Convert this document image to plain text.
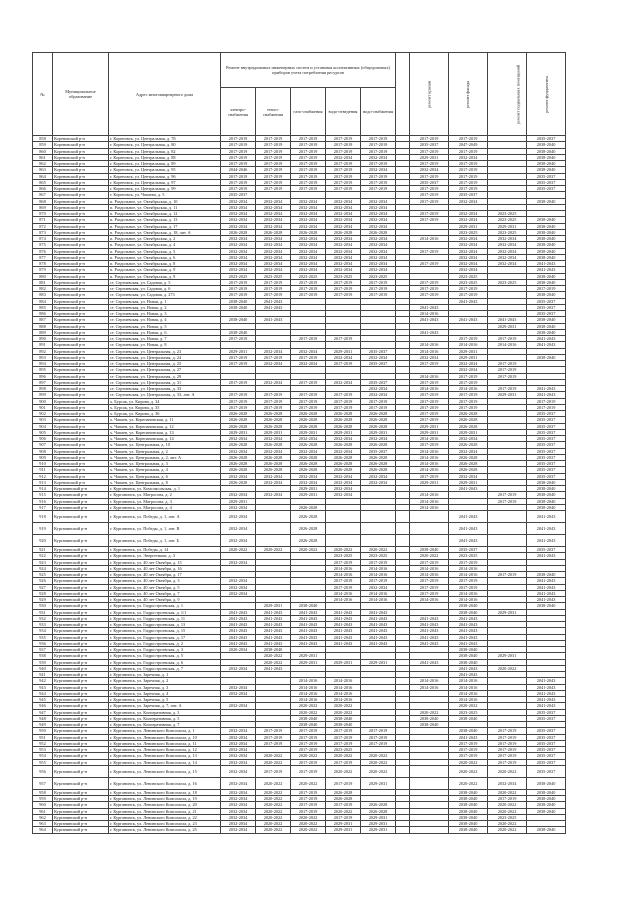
№	Муниципальное образование	Адрес многоквартирного дома	Ремонт внутридомовых инженерных систем и установка коллективных (общедомовых) приборов учета потребления ресурсов						ремонт крыши	ремонт фасада	ремонт подвальных помещений	ремонт фундамента
			электро-снабжения	тепло-снабжения	газо-снабжения	водо-отведения	водо-снабжения					
858	Кореновский р-н	г. Кореновск, ул. Центральная, д. 78	2017-2019	2017-2019	2017-2019	2017-2019	2017-2019		2017-2019	2017-2019		2035-2037
859	Кореновский р-н	г. Кореновск, ул. Центральная, д. 80	2017-2019	2017-2019	2017-2019	2017-2019	2017-2019		2035-2037	2047-2049		2038-2040
860	Кореновский р-н	г. Кореновск, ул. Центральная, д. 82	2017-2019	2017-2019	2017-2019	2017-2019	2017-2019		2017-2019	2017-2019		2038-2040
861	Кореновский р-н	г. Кореновск, ул. Центральная, д. 88	2017-2019	2017-2019	2017-2019	2032-2034	2032-2034		2029-2031	2032-2034		2038-2040
862	Кореновский р-н	г. Кореновск, ул. Центральная, д. 89	2017-2019	2017-2019	2017-2019	2017-2019	2017-2019		2017-2019	2017-2019		2038-2040
863	Кореновский р-н	г. Кореновск, ул. Центральная, д. 95	2044-2046	2017-2019	2017-2019	2017-2019	2032-2034		2032-2034	2017-2019		2038-2040
864	Кореновский р-н	г. Кореновск, ул. Центральная, д. 96	2017-2019	2017-2019	2017-2019	2017-2019	2017-2019		2017-2019	2017-2019		2035-2037
865	Кореновский р-н	г. Кореновск, ул. Центральная, д. 97	2017-2019	2017-2019	2017-2019	2017-2019	2017-2019		2035-2037	2017-2019		2035-2037
866	Кореновский р-н	г. Кореновск, ул. Центральная, д. 99	2017-2019	2017-2019	2017-2019	2017-2019	2017-2019		2017-2019	2017-2019		2035-2037
867	Кореновский р-н	г. Кореновск, ул. Чапаева, д. 5	2035-2037						2017-2019	2035-2037		
868	Кореновский р-н	п. Раздольное, ул. Октябрьская, д. 10	2032-2034	2032-2034	2032-2034	2032-2034	2032-2034		2017-2019	2032-2034		2038-2040
869	Кореновский р-н	п. Раздольное, ул. Октябрьская, д. 11	2032-2034	2032-2034	2032-2034	2032-2034	2032-2034					
870	Кореновский р-н	п. Раздольное, ул. Октябрьская, д. 12	2032-2034	2032-2034	2032-2034	2032-2034	2032-2034		2017-2019	2032-2034	2023-2025	
871	Кореновский р-н	п. Раздольное, ул. Октябрьская, д. 13	2032-2034	2032-2034	2032-2034	2032-2034	2032-2034		2017-2019	2032-2034	2023-2025	2038-2040
872	Кореновский р-н	п. Раздольное, ул. Октябрьская, д. 17	2032-2034	2032-2034	2032-2034	2032-2034	2032-2034			2029-2031	2029-2031	2038-2040
873	Кореновский р-н	п. Раздольное, ул. Октябрьская, д. 18, лит. А	2026-2028	2026-2028	2026-2028	2026-2028	2026-2028			2023-2025	2023-2025	2038-2040
874	Кореновский р-н	п. Раздольное, ул. Октябрьская, д. 2	2032-2034	2032-2034	2032-2034	2032-2034	2032-2034		2014-2016	2032-2034	2032-2034	2038-2040
875	Кореновский р-н	п. Раздольное, ул. Октябрьская, д. 4	2032-2034	2032-2034	2032-2034	2032-2034	2032-2034			2032-2034	2032-2034	2038-2040
876	Кореновский р-н	п. Раздольное, ул. Октябрьская, д. 5	2032-2034	2032-2034	2032-2034	2032-2034	2032-2034		2017-2019	2032-2034	2032-2034	2038-2040
877	Кореновский р-н	п. Раздольное, ул. Октябрьская, д. 6	2032-2034	2032-2034	2032-2034	2032-2034	2032-2034			2032-2034	2032-2034	2038-2040
878	Кореновский р-н	п. Раздольное, ул. Октябрьская, д. 8	2032-2034	2032-2034	2032-2034	2032-2034	2032-2034		2017-2019	2032-2034	2032-2034	2041-2043
879	Кореновский р-н	п. Раздольное, ул. Октябрьская, д. 9	2032-2034	2032-2034	2032-2034	2032-2034	2032-2034			2032-2034		2041-2043
880	Кореновский р-н	п. Раздольное, ул. Октябрьская, д. 9	2023-2025	2023-2025	2023-2025	2023-2025	2023-2025			2023-2025		2038-2040
881	Кореновский р-н	ст. Сергиевская, ул. Садовая, д. 5	2017-2019	2017-2019	2017-2019	2017-2019	2017-2019		2017-2019	2023-2025	2023-2025	2038-2040
882	Кореновский р-н	ст. Сергиевская, ул. Садовая, д. 6	2017-2019	2017-2019	2017-2019	2017-2019	2017-2019		2017-2019	2017-2019		2017-2019
883	Кореновский р-н	ст. Сергиевская, ул. Садовая, д. 273	2017-2019	2017-2019	2017-2019	2017-2019	2017-2019		2017-2019	2017-2019		2038-2040
884	Кореновский р-н	ст. Сергиевская, ул. Новая, д. 1	2038-2040	2041-2043						2041-2043		2035-2037
885	Кореновский р-н	ст. Сергиевская, ул. Новая, д. 2	2038-2040	2041-2043					2041-2043			2035-2037
886	Кореновский р-н	ст. Сергиевская, ул. Новая, д. 3							2014-2016			2035-2037
887	Кореновский р-н	ст. Сергиевская, ул. Новая, д. 4	2038-2040	2041-2043					2041-2043	2041-2043	2041-2043	2038-2040
888	Кореновский р-н	ст. Сергиевская, ул. Новая, д. 5									2029-2031	2038-2040
889	Кореновский р-н	ст. Сергиевская, ул. Новая, д. 6	2038-2040						2041-2043			2038-2040
890	Кореновский р-н	ст. Сергиевская, ул. Новая, д. 7	2017-2019		2017-2019	2017-2019				2017-2019	2017-2019	2041-2043
891	Кореновский р-н	ст. Сергиевская, ул. Новая, д. 8							2014-2016	2014-2016	2014-2016	2041-2043
892	Кореновский р-н	ст. Сергиевская, ул. Центральная, д. 23	2029-2031	2032-2034	2032-2034	2029-2031	2035-2037		2014-2016	2029-2031		
893	Кореновский р-н	ст. Сергиевская, ул. Центральная, д. 24	2017-2019	2017-2019	2017-2019	2032-2034	2032-2034		2032-2034	2029-2031		2038-2040
894	Кореновский р-н	ст. Сергиевская, ул. Центральная, д. 25	2017-2019	2032-2034	2032-2034	2017-2019	2035-2037		2017-2019	2032-2034	2017-2019	
895	Кореновский р-н	ст. Сергиевская, ул. Центральная, д. 27								2032-2034	2017-2019	
896	Кореновский р-н	ст. Сергиевская, ул. Центральная, д. 29							2014-2016	2017-2019	2017-2019	
897	Кореновский р-н	ст. Сергиевская, ул. Центральная, д. 31	2017-2019	2032-2034	2017-2019	2032-2034	2035-2037		2017-2019	2017-2019		
898	Кореновский р-н	ст. Сергиевская, ул. Центральная, д. 33					2032-2034		2014-2016	2014-2016	2017-2019	2041-2043
899	Кореновский р-н	ст. Сергиевская, ул. Центральная, д. 33, лит. А	2017-2019	2017-2019	2017-2019	2017-2019	2032-2034		2017-2019	2017-2019	2029-2031	2041-2043
900	Кореновский р-н	х. Бурсак, ул. Кирова, д. 34	2017-2019	2017-2019	2017-2019	2017-2019	2017-2019		2017-2019	2017-2019		2017-2019
901	Кореновский р-н	х. Бурсак, ул. Кирова, д. 35	2017-2019	2017-2019	2017-2019	2017-2019	2017-2019		2017-2019	2017-2019		2017-2019
902	Кореновский р-н	х. Бурсак, ул. Кирова, д. 36	2026-2028	2026-2028	2026-2028	2026-2028	2026-2028		2017-2019	2026-2028		2035-2037
903	Кореновский р-н	х. Чапаев, ул. Корепановская, д. 11	2026-2028	2026-2028	2026-2028	2026-2028	2026-2028		2017-2019	2026-2028		2035-2037
904	Кореновский р-н	х. Чапаев, ул. Корепановская, д. 12	2026-2028	2026-2028	2026-2028	2026-2028	2026-2028		2029-2031	2026-2028		2035-2037
905	Кореновский р-н	х. Чапаев, ул. Корепановская, д. 13	2029-2031	2029-2031	2029-2031	2029-2031	2029-2031		2029-2031	2029-2031		2035-2037
906	Кореновский р-н	х. Чапаев, ул. Корепановская, д. 14	2032-2034	2032-2034	2032-2034	2032-2034	2032-2034		2014-2016	2032-2034		2035-2037
907	Кореновский р-н	х. Чапаев, ул. Центральная, д. 10	2026-2028	2026-2028	2026-2028	2026-2028	2026-2028		2017-2019	2026-2028		2035-2037
908	Кореновский р-н	х. Чапаев, ул. Центральная, д. 2	2032-2034	2032-2034	2032-2034	2032-2034	2035-2037		2014-2016	2032-2034		2035-2037
909	Кореновский р-н	х. Чапаев, ул. Центральная, д. 2, лит. А	2026-2028	2026-2028	2026-2028	2026-2028	2026-2028		2014-2016	2026-2028		2035-2037
910	Кореновский р-н	х. Чапаев, ул. Центральная, д. 3	2026-2028	2026-2028	2026-2028	2026-2028	2026-2028		2014-2016	2026-2028		2035-2037
911	Кореновский р-н	х. Чапаев, ул. Центральная, д. 4	2026-2028	2026-2028	2026-2028	2026-2028	2026-2028		2014-2016	2026-2028		2035-2037
912	Кореновский р-н	х. Чапаев, ул. Центральная, д. 6	2032-2034	2032-2034	2032-2034	2032-2034	2032-2034		2017-2019	2032-2034		2035-2037
913	Кореновский р-н	х. Чапаев, ул. Центральная, д. 8	2026-2028	2032-2034	2032-2034	2032-2034	2032-2034		2029-2031	2029-2031		2038-2040
914	Курганинский р-н	г. Курганинск, ул. Комсомольская, д. 1			2029-2031	2032-2034				2041-2043		2038-2040
915	Курганинский р-н	г. Курганинск, ул. Матросова, д. 2	2032-2034	2032-2034	2029-2031	2032-2034			2014-2016		2017-2019	2038-2040
916	Курганинский р-н	г. Курганинск, ул. Матросова, д. 3	2029-2031						2014-2016		2017-2019	2038-2040
917	Курганинский р-н	г. Курганинск, ул. Матросова, д. 4	2032-2034		2026-2028				2014-2016			2038-2040
918	Курганинский р-н	г. Курганинск, ул. Победы, д. 1, лит. А	2032-2034		2026-2028					2041-2043		2041-2043
919	Курганинский р-н	г. Курганинск, ул. Победы, д. 1, лит. В	2032-2034		2026-2028					2041-2043		2041-2043
920	Курганинский р-н	г. Курганинск, ул. Победы, д. 1, лит. Б	2032-2034		2026-2028					2041-2043		2041-2043
921	Курганинский р-н	г. Курганинск, ул. Победы, д. 14	2020-2022	2020-2022	2020-2022	2020-2022	2020-2022		2038-2040	2035-2037		2035-2037
922	Курганинский р-н	г. Курганинск, ул. Энергетиков, д. 3				2023-2025	2023-2025		2020-2022	2023-2025		2041-2043
923	Курганинский р-н	г. Курганинск, ул. 40 лет Октября, д. 15	2032-2034			2017-2019	2017-2019		2017-2019	2017-2019		
924	Курганинский р-н	г. Курганинск, ул. 40 лет Октября, д. 16				2014-2016	2014-2016		2014-2016	2014-2016		
925	Курганинский р-н	г. Курганинск, ул. 40 лет Октября, д. 17				2014-2016	2014-2016		2014-2016	2014-2016	2017-2019	2038-2040
926	Курганинский р-н	г. Курганинск, ул. 40 лет Октября, д. 3	2032-2034			2017-2019	2017-2019		2017-2019	2017-2019		2041-2043
927	Курганинский р-н	г. Курганинск, ул. 40 лет Октября, д. 5	2032-2034			2017-2019	2032-2034		2017-2019	2017-2019		2041-2043
928	Курганинский р-н	г. Курганинск, ул. 40 лет Октября, д. 7	2032-2034			2014-2016	2014-2016		2017-2019	2014-2016		2041-2043
929	Курганинский р-н	г. Курганинск, ул. 40 лет Октября, д. 9				2014-2016	2014-2016		2014-2016	2014-2016		2041-2043
930	Курганинский р-н	г. Курганинск, ул. Гидростроевская, д. 1		2029-2031	2038-2040					2038-2040		2038-2040
931	Курганинский р-н	г. Курганинск, ул. Гидростроевская, д. 1/1	2041-2043	2041-2043	2041-2043	2041-2043	2041-2043			2038-2040	2029-2031	
932	Курганинский р-н	г. Курганинск, ул. Гидростроевская, д. 11	2041-2043	2041-2043	2041-2043	2041-2043	2041-2043		2041-2043	2041-2043		
933	Курганинский р-н	г. Курганинск, ул. Гидростроевская, д. 13	2041-2043	2041-2043	2041-2043	2041-2043	2041-2043		2041-2043	2041-2043		
934	Курганинский р-н	г. Курганинск, ул. Гидростроевская, д. 15	2041-2043	2041-2043	2041-2043	2041-2043	2041-2043		2041-2043	2041-2043		
935	Курганинский р-н	г. Курганинск, ул. Гидростроевская, д. 17	2041-2043	2041-2043	2041-2043	2041-2043	2041-2043		2041-2043	2041-2043		
936	Курганинский р-н	г. Курганинск, ул. Гидростроевская, д. 2	2041-2043	2041-2043	2041-2043	2041-2043	2041-2043		2041-2043	2041-2043		
937	Курганинский р-н	г. Курганинск, ул. Гидростроевская, д. 3	2020-2034	2038-2040						2038-2040		
938	Курганинский р-н	г. Курганинск, ул. Гидростроевская, д. 5		2020-2022	2029-2031					2038-2040	2029-2031	
939	Курганинский р-н	г. Курганинск, ул. Гидростроевская, д. 6		2020-2022	2029-2031	2029-2031	2029-2031		2041-2043	2038-2040		
940	Курганинский р-н	г. Курганинск, ул. Гидростроевская, д. 7	2032-2034	2041-2043						2041-2043	2020-2022	
941	Курганинский р-н	г. Курганинск, ул. Заречная, д. 1								2041-2043		
942	Курганинский р-н	г. Курганинск, ул. Заречная, д. 2			2014-2016	2014-2016			2014-2016	2014-2016		2041-2043
943	Курганинский р-н	г. Курганинск, ул. Заречная, д. 3	2032-2034		2014-2016	2014-2016			2014-2016	2014-2016		2041-2043
944	Курганинский р-н	г. Курганинск, ул. Заречная, д. 4	2032-2034		2014-2016	2014-2016				2014-2016		2041-2043
945	Курганинский р-н	г. Курганинск, ул. Заречная, д. 5			2014-2016	2014-2016				2014-2016		2041-2043
946	Курганинский р-н	г. Курганинск, ул. Заречная, д. 7, лит. А	2032-2034		2020-2022	2020-2022				2020-2022		2041-2043
947	Курганинский р-н	г. Курганинск, ул. Кооперативная, д. 3			2020-2022	2020-2022			2020-2022	2023-2025		2035-2037
948	Курганинский р-н	г. Курганинск, ул. Кооперативная, д. 5			2038-2040	2038-2040			2038-2040	2038-2040		2035-2037
949	Курганинский р-н	г. Курганинск, ул. Кооперативная, д. 7			2038-2040	2038-2040			2038-2040			
950	Курганинский р-н	г. Курганинск, ул. Ленинского Комсомола, д. 1	2032-2034	2017-2019	2017-2019	2017-2019	2017-2019			2038-2040	2017-2019	2035-2037
951	Курганинский р-н	г. Курганинск, ул. Ленинского Комсомола, д. 10	2032-2034	2017-2019	2017-2019	2017-2019	2017-2019			2041-2043	2017-2019	2035-2037
952	Курганинский р-н	г. Курганинск, ул. Ленинского Комсомола, д. 11	2032-2034	2017-2019	2017-2019	2017-2019	2017-2019			2017-2019	2017-2019	2035-2037
953	Курганинский р-н	г. Курганинск, ул. Ленинского Комсомола, д. 12	2032-2034		2017-2019	2023-2025				2017-2019	2017-2019	2035-2037
954	Курганинский р-н	г. Курганинск, ул. Ленинского Комсомола, д. 13	2032-2034	2020-2022	2020-2022	2020-2022	2020-2022			2017-2019	2017-2019	2035-2037
955	Курганинский р-н	г. Курганинск, ул. Ленинского Комсомола, д. 14	2032-2034	2020-2022	2017-2019	2017-2019	2020-2022			2020-2022	2017-2019	2035-2037
956	Курганинский р-н	г. Курганинск, ул. Ленинского Комсомола, д. 15	2032-2034	2017-2019	2017-2019	2020-2022	2020-2022			2020-2022	2020-2022	2035-2037
957	Курганинский р-н	г. Курганинск, ул. Ленинского Комсомола, д. 16	2032-2034	2020-2022	2020-2022	2017-2019	2029-2031			2020-2022	2032-2034	2038-2040
958	Курганинский р-н	г. Курганинск, ул. Ленинского Комсомола, д. 18	2032-2034	2020-2022	2017-2019	2026-2028				2038-2040	2020-2022	2038-2040
959	Курганинский р-н	г. Курганинск, ул. Ленинского Комсомола, д. 19	2032-2034	2020-2022	2017-2019	2026-2028				2038-2040	2017-2019	2038-2040
960	Курганинский р-н	г. Курганинск, ул. Ленинского Комсомола, д. 20	2032-2034	2020-2022	2017-2019	2017-2019	2026-2028			2038-2040	2020-2022	2038-2040
961	Курганинский р-н	г. Курганинск, ул. Ленинского Комсомола, д. 21	2032-2034	2020-2022	2017-2019	2020-2022	2026-2028			2038-2040	2020-2022	2038-2040
962	Курганинский р-н	г. Курганинск, ул. Ленинского Комсомола, д. 22	2032-2034	2020-2022	2020-2022	2017-2019	2029-2031			2038-2040	2023-2025	
963	Курганинский р-н	г. Курганинск, ул. Ленинского Комсомола, д. 23	2032-2034	2020-2022	2020-2022	2029-2031	2029-2031			2038-2040	2020-2022	
964	Курганинский р-н	г. Курганинск, ул. Ленинского Комсомола, д. 25	2032-2034	2020-2022	2020-2022	2029-2031	2029-2031			2038-2040	2020-2022	2038-2040
